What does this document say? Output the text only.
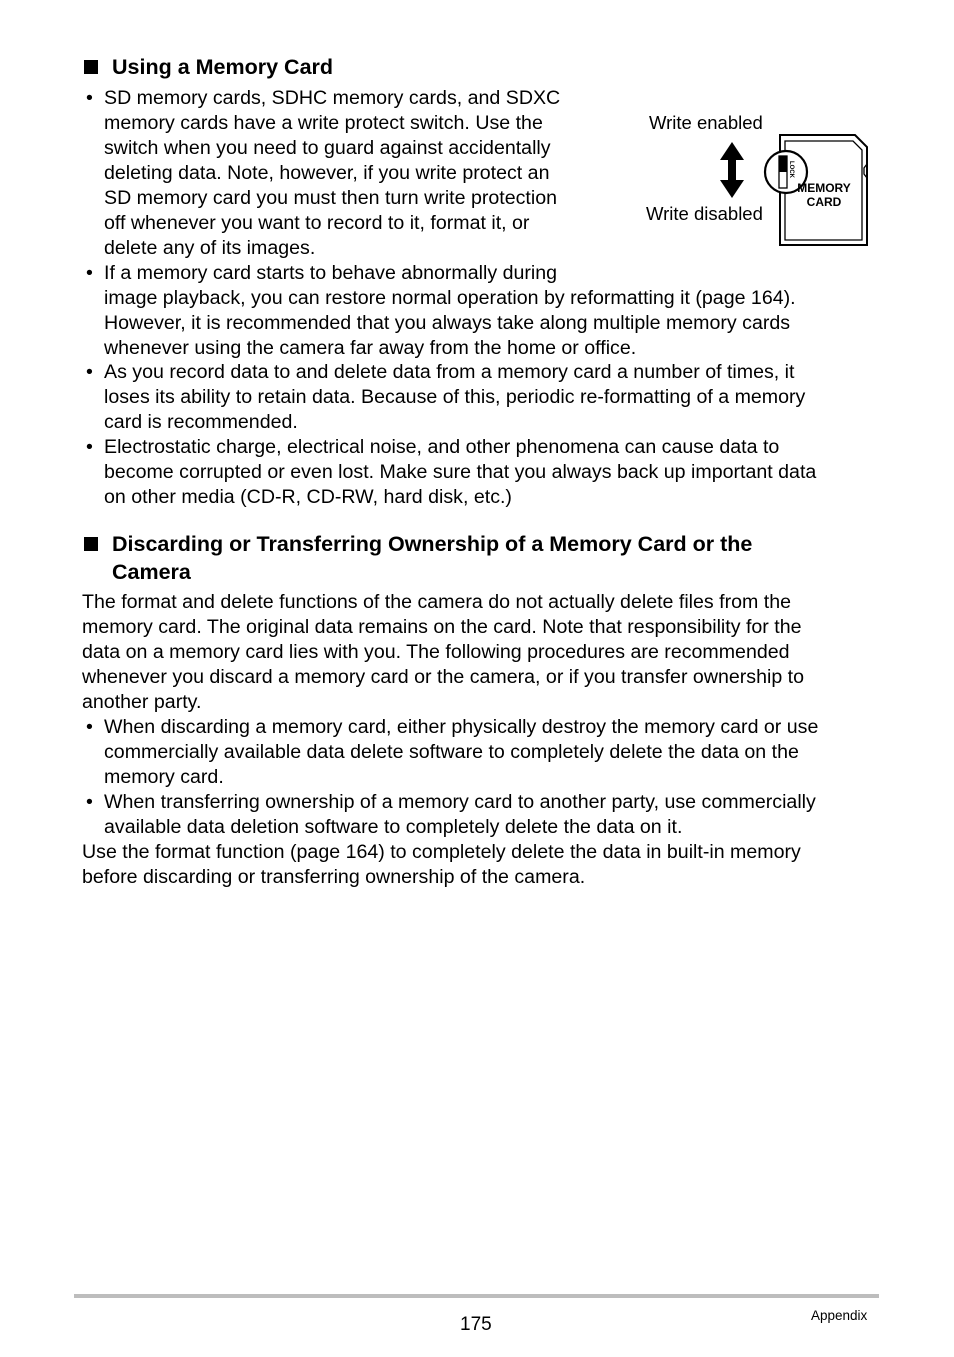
Using a Memory Card
• SD memory cards, SDHC memory cards, and SDXC
memory cards have a write protect switch. Use the
switch when you need to guard against accidentally
deleting data. Note, however, if you write protect an
SD memory card you must then turn write protection
off whenever you want to record to it, format it, or
delete any of its images.
Write enabled
Write disabled
LOCK
MEMORY
CARD
• If a memory card starts to behave abnormally during
image playback, you can restore normal operation by reformatting it (page 164).
However, it is recommended that you always take along multiple memory cards
whenever using the camera far away from the home or office.
• As you record data to and delete data from a memory card a number of times, it
loses its ability to retain data. Because of this, periodic re-formatting of a memory
card is recommended.
• Electrostatic charge, electrical noise, and other phenomena can cause data to
become corrupted or even lost. Make sure that you always back up important data
on other media (CD-R, CD-RW, hard disk, etc.)
Discarding or Transferring Ownership of a Memory Card or the
Camera
The format and delete functions of the camera do not actually delete files from the
memory card. The original data remains on the card. Note that responsibility for the
data on a memory card lies with you. The following procedures are recommended
whenever you discard a memory card or the camera, or if you transfer ownership to
another party.
• When discarding a memory card, either physically destroy the memory card or use
commercially available data delete software to completely delete the data on the
memory card.
• When transferring ownership of a memory card to another party, use commercially
available data deletion software to completely delete the data on it.
Use the format function (page 164) to completely delete the data in built-in memory
before discarding or transferring ownership of the camera.
175	Appendix
